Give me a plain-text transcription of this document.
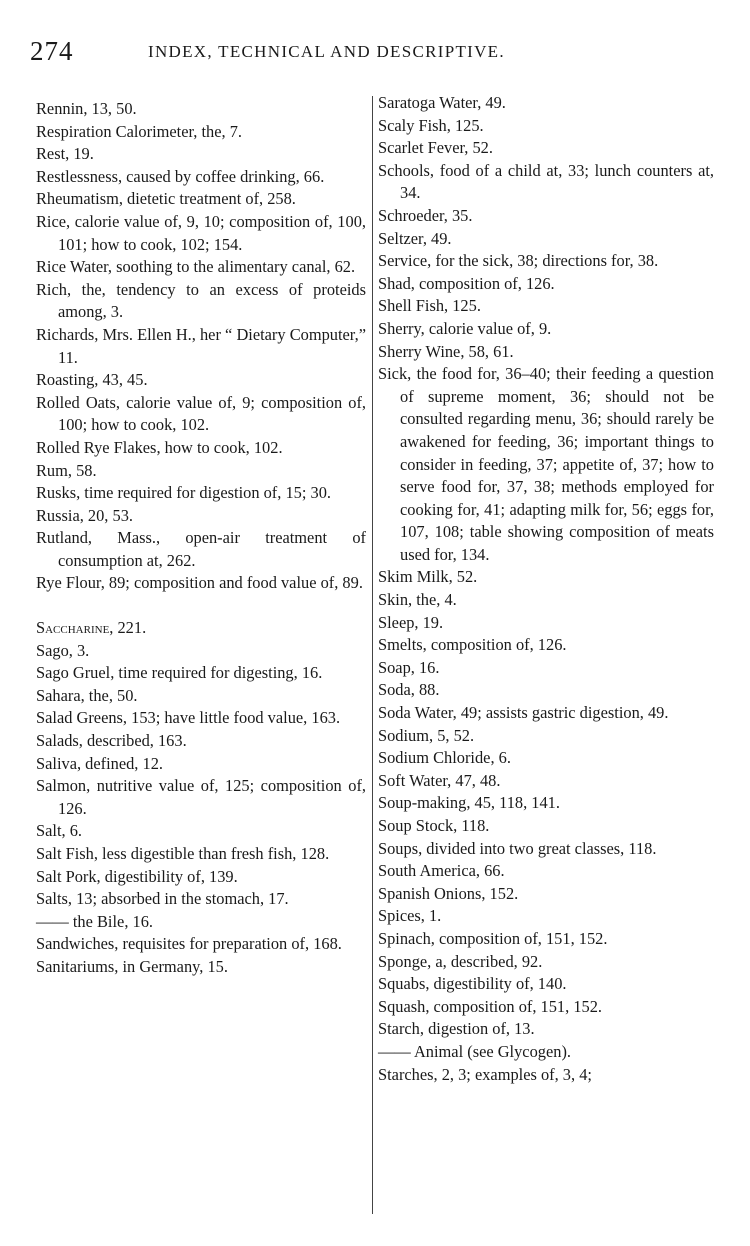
274	INDEX, TECHNICAL AND DESCRIPTIVE.
Rennin, 13, 50.
Respiration Calorimeter, the, 7.
Rest, 19.
Restlessness, caused by coffee drinking, 66.
Rheumatism, dietetic treatment of, 258.
Rice, calorie value of, 9, 10; composition of, 100, 101; how to cook, 102; 154.
Rice Water, soothing to the alimentary canal, 62.
Rich, the, tendency to an excess of proteids among, 3.
Richards, Mrs. Ellen H., her “ Dietary Computer,” 11.
Roasting, 43, 45.
Rolled Oats, calorie value of, 9; composition of, 100; how to cook, 102.
Rolled Rye Flakes, how to cook, 102.
Rum, 58.
Rusks, time required for digestion of, 15; 30.
Russia, 20, 53.
Rutland, Mass., open-air treatment of consumption at, 262.
Rye Flour, 89; composition and food value of, 89.
Saccharine, 221.
Sago, 3.
Sago Gruel, time required for digesting, 16.
Sahara, the, 50.
Salad Greens, 153; have little food value, 163.
Salads, described, 163.
Saliva, defined, 12.
Salmon, nutritive value of, 125; composition of, 126.
Salt, 6.
Salt Fish, less digestible than fresh fish, 128.
Salt Pork, digestibility of, 139.
Salts, 13; absorbed in the stomach, 17.
—— the Bile, 16.
Sandwiches, requisites for preparation of, 168.
Sanitariums, in Germany, 15.
Saratoga Water, 49.
Scaly Fish, 125.
Scarlet Fever, 52.
Schools, food of a child at, 33; lunch counters at, 34.
Schroeder, 35.
Seltzer, 49.
Service, for the sick, 38; directions for, 38.
Shad, composition of, 126.
Shell Fish, 125.
Sherry, calorie value of, 9.
Sherry Wine, 58, 61.
Sick, the food for, 36–40; their feeding a question of supreme moment, 36; should not be consulted regarding menu, 36; should rarely be awakened for feeding, 36; important things to consider in feeding, 37; appetite of, 37; how to serve food for, 37, 38; methods employed for cooking for, 41; adapting milk for, 56; eggs for, 107, 108; table showing composition of meats used for, 134.
Skim Milk, 52.
Skin, the, 4.
Sleep, 19.
Smelts, composition of, 126.
Soap, 16.
Soda, 88.
Soda Water, 49; assists gastric digestion, 49.
Sodium, 5, 52.
Sodium Chloride, 6.
Soft Water, 47, 48.
Soup-making, 45, 118, 141.
Soup Stock, 118.
Soups, divided into two great classes, 118.
South America, 66.
Spanish Onions, 152.
Spices, 1.
Spinach, composition of, 151, 152.
Sponge, a, described, 92.
Squabs, digestibility of, 140.
Squash, composition of, 151, 152.
Starch, digestion of, 13.
—— Animal (see Glycogen).
Starches, 2, 3; examples of, 3, 4;
